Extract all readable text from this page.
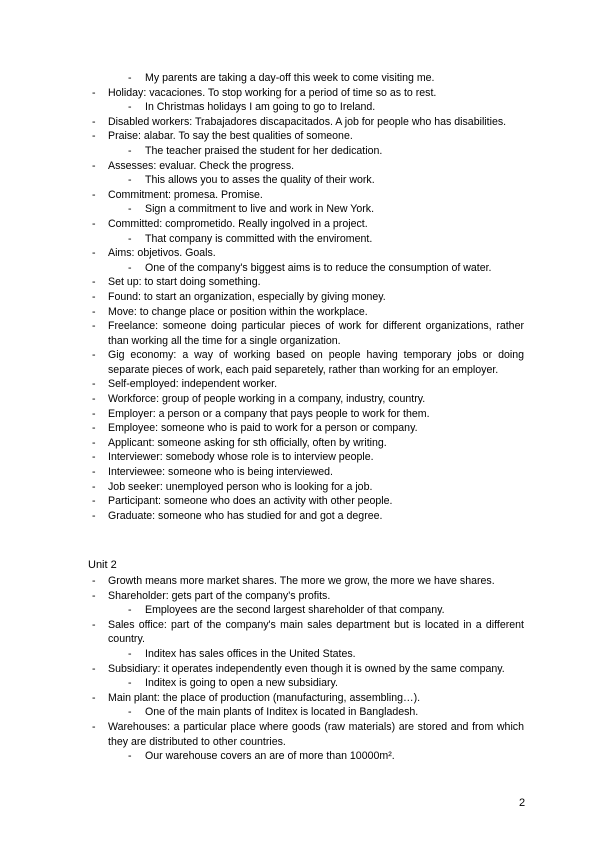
- My parents are taking a day-off this week to come visiting me.
- Holiday: vacaciones. To stop working for a period of time so as to rest.
- In Christmas holidays I am going to go to Ireland.
- Disabled workers: Trabajadores discapacitados. A job for people who has disabilities.
- Praise: alabar. To say the best qualities of someone.
- The teacher praised the student for her dedication.
- Assesses: evaluar. Check the progress.
- This allows you to asses the quality of their work.
- Commitment: promesa. Promise.
- Sign a commitment to live and work in New York.
- Committed: comprometido. Really ingolved in a project.
- That company is committed with the enviroment.
- Aims: objetivos. Goals.
- One of the company's biggest aims is to reduce the consumption of water.
- Set up: to start doing something.
- Found: to start an organization, especially by giving money.
- Move: to change place or position within the workplace.
- Freelance: someone doing particular pieces of work for different organizations, rather than working all the time for a single organization.
- Gig economy: a way of working based on people having temporary jobs or doing separate pieces of work, each paid separetely, rather than working for an employer.
- Self-employed: independent worker.
- Workforce: group of people working in a company, industry, country.
- Employer: a person or a company that pays people to work for them.
- Employee: someone who is paid to work for a person or company.
- Applicant: someone asking for sth officially, often by writing.
- Interviewer: somebody whose role is to interview people.
- Interviewee: someone who is being interviewed.
- Job seeker: unemployed person who is looking for a job.
- Participant: someone who does an activity with other people.
- Graduate: someone who has studied for and got a degree.
Unit 2
- Growth means more market shares. The more we grow, the more we have shares.
- Shareholder: gets part of the company's profits.
- Employees are the second largest shareholder of that company.
- Sales office: part of the company's main sales department but is located in a different country.
- Inditex has sales offices in the United States.
- Subsidiary: it operates independently even though it is owned by the same company.
- Inditex is going to open a new subsidiary.
- Main plant: the place of production (manufacturing, assembling…).
- One of the main plants of Inditex is located in Bangladesh.
- Warehouses: a particular place where goods (raw materials) are stored and from which they are distributed to other countries.
- Our warehouse covers an are of more than 10000m².
2
